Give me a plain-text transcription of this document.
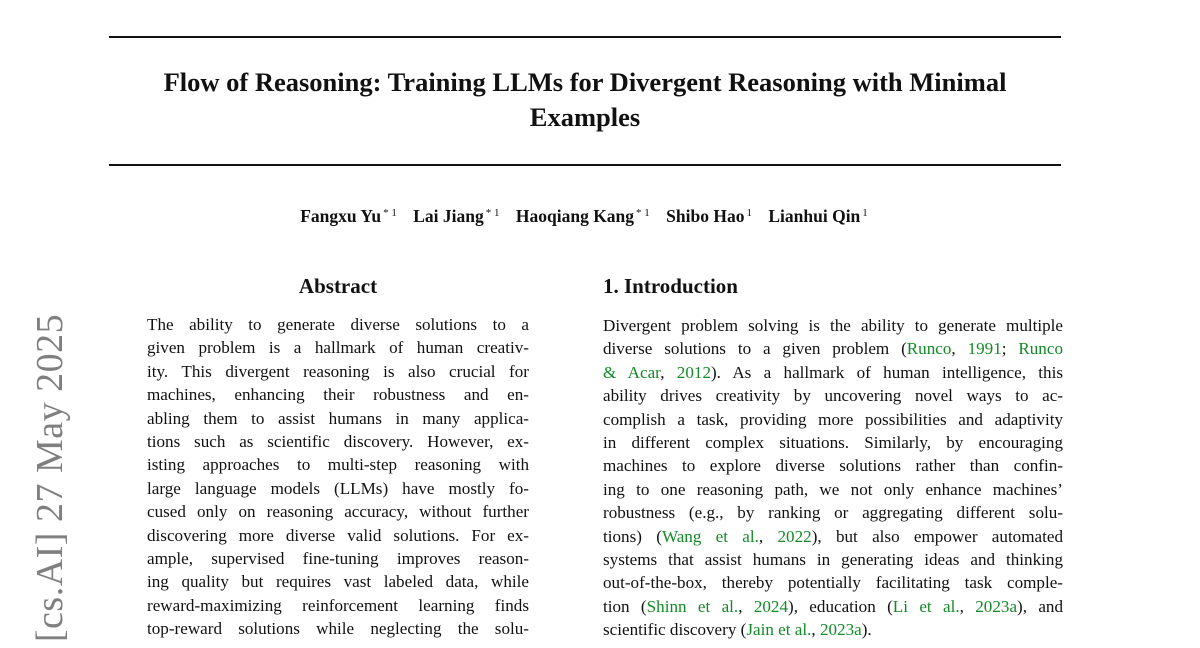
Flow of Reasoning: Training LLMs for Divergent Reasoning with Minimal
Examples
Fangxu Yu $^{* 1}$ Lai Jiang $^{* 1}$ Haoqiang Kang $^{* 1}$ Shibo Hao $^1$ Lianhui Qin $^1$
[cs.AI] 27 May 2025
Abstract
The ability to generate diverse solutions to a
given problem is a hallmark of human creativ-
ity. This divergent reasoning is also crucial for
machines, enhancing their robustness and en-
abling them to assist humans in many applica-
tions such as scientific discovery. However, ex-
isting approaches to multi-step reasoning with
large language models (LLMs) have mostly fo-
cused only on reasoning accuracy, without further
discovering more diverse valid solutions. For ex-
ample, supervised fine-tuning improves reason-
ing quality but requires vast labeled data, while
reward-maximizing reinforcement learning finds
top-reward solutions while neglecting the solu-
1. Introduction
Divergent problem solving is the ability to generate multiple
diverse solutions to a given problem (Runco, 1991; Runco
& Acar, 2012). As a hallmark of human intelligence, this
ability drives creativity by uncovering novel ways to ac-
complish a task, providing more possibilities and adaptivity
in different complex situations. Similarly, by encouraging
machines to explore diverse solutions rather than confin-
ing to one reasoning path, we not only enhance machines’
robustness (e.g., by ranking or aggregating different solu-
tions) (Wang et al., 2022), but also empower automated
systems that assist humans in generating ideas and thinking
out-of-the-box, thereby potentially facilitating task comple-
tion (Shinn et al., 2024), education (Li et al., 2023a), and
scientific discovery (Jain et al., 2023a).
